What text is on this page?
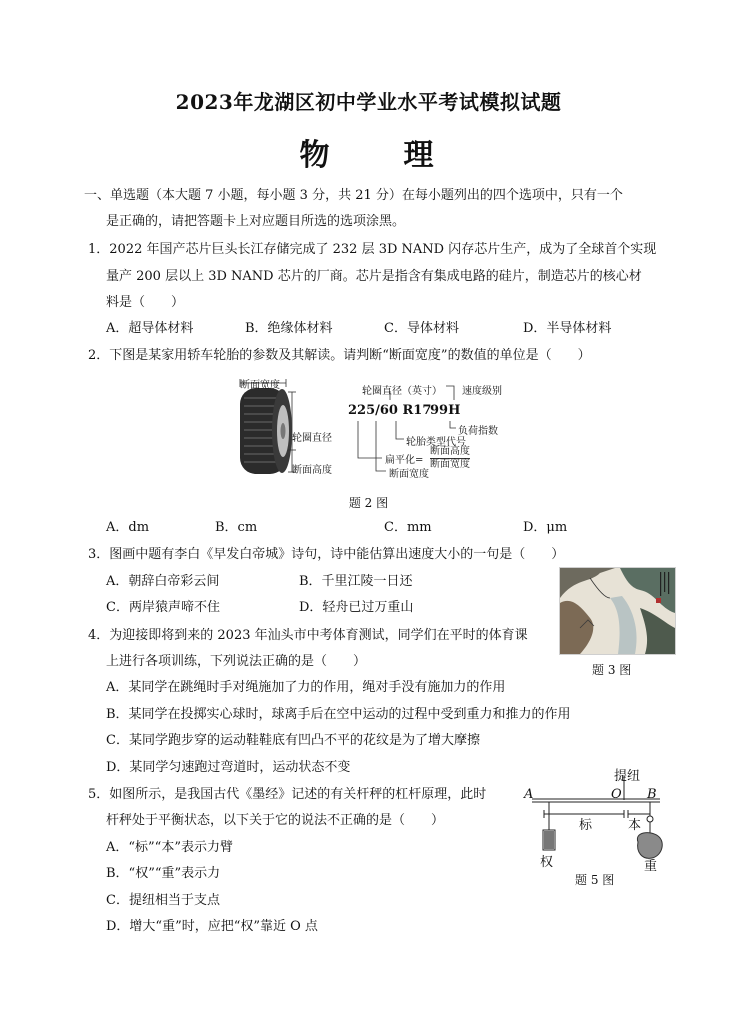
2023年龙湖区初中学业水平考试模拟试题
物　理
一、单选题（本大题 7 小题，每小题 3 分，共 21 分）在每小题列出的四个选项中，只有一个
是正确的，请把答题卡上对应题目所选的选项涂黑。
1．2022 年国产芯片巨头长江存储完成了 232 层 3D NAND 闪存芯片生产，成为了全球首个实现
量产 200 层以上 3D NAND 芯片的厂商。芯片是指含有集成电路的硅片，制造芯片的核心材
料是（　　）
A．超导体材料	B．绝缘体材料	C．导体材料	D．半导体材料
2．下图是某家用轿车轮胎的参数及其解读。请判断“断面宽度”的数值的单位是（　　）
断面宽度
轮圈直径
断面高度
轮圈直径（英寸） 速度级别
225/60 R17
99H
负荷指数
轮胎类型代号
扁平化=
断面高度
断面宽度
断面宽度
题 2 图
A．dm	B．cm	C．mm	D．μm
3．图画中题有李白《早发白帝城》诗句，诗中能估算出速度大小的一句是（　　）
A．朝辞白帝彩云间	B．千里江陵一日还
C．两岸猿声啼不住	D．轻舟已过万重山
题 3 图
4．为迎接即将到来的 2023 年汕头市中考体育测试，同学们在平时的体育课
上进行各项训练，下列说法正确的是（　　）
A．某同学在跳绳时手对绳施加了力的作用，绳对手没有施加力的作用
B．某同学在投掷实心球时，球离手后在空中运动的过程中受到重力和推力的作用
C．某同学跑步穿的运动鞋鞋底有凹凸不平的花纹是为了增大摩擦
D．某同学匀速跑过弯道时，运动状态不变
5．如图所示，是我国古代《墨经》记述的有关杆秤的杠杆原理，此时
杆秤处于平衡状态，以下关于它的说法不正确的是（　　）
A．“标”“本”表示力臂
B．“权”“重”表示力
C．提纽相当于支点
D．增大“重”时，应把“权”靠近 O 点
提纽
A	O B
标	本
权	重
题 5 图
